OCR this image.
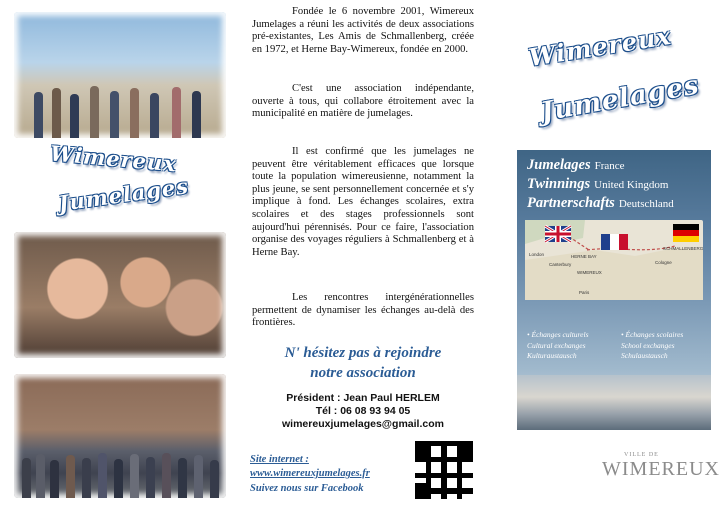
Wimereux
Jumelages

Fondée le 6 novembre 2001, Wimereux Jumelages a réuni les activités de deux associations pré-existantes, Les Amis de Schmallenberg, créée en 1972, et Herne Bay-Wimereux, fondée en 2000.

C'est une association indépendante, ouverte à tous, qui collabore étroitement avec la municipalité en matière de jumelages.

Il est confirmé que les jumelages ne peuvent être véritablement efficaces que lorsque toute la population wimereusienne, notamment la plus jeune, se sent personnellement concernée et s'y implique à fond. Les échanges scolaires, extra scolaires et des stages professionnels sont aujourd'hui pérennisés. Pour ce faire, l'association organise des voyages réguliers à Schmallenberg et à Herne Bay.

Les rencontres intergénérationnelles permettent de dynamiser les échanges au-delà des frontières.

N' hésitez pas à rejoindre
notre association
Président : Jean Paul HERLEM
Tél : 06 08 93 94 05
wimereuxjumelages@gmail.com
Site internet :
www.wimereuxjumelages.fr
Suivez nous sur Facebook
Wimereux
Jumelages
Jumelages France
Twinnings United Kingdom
Partnerschafts Deutschland
London	HERNE BAY
Canterbury
WIMEREUX
SCHMALLENBERG
Cologne
Paris
• Échanges culturels
Cultural exchanges
Kulturaustausch
• Échanges scolaires
School exchanges
Schulaustausch
VILLE DE
WIMEREUX
